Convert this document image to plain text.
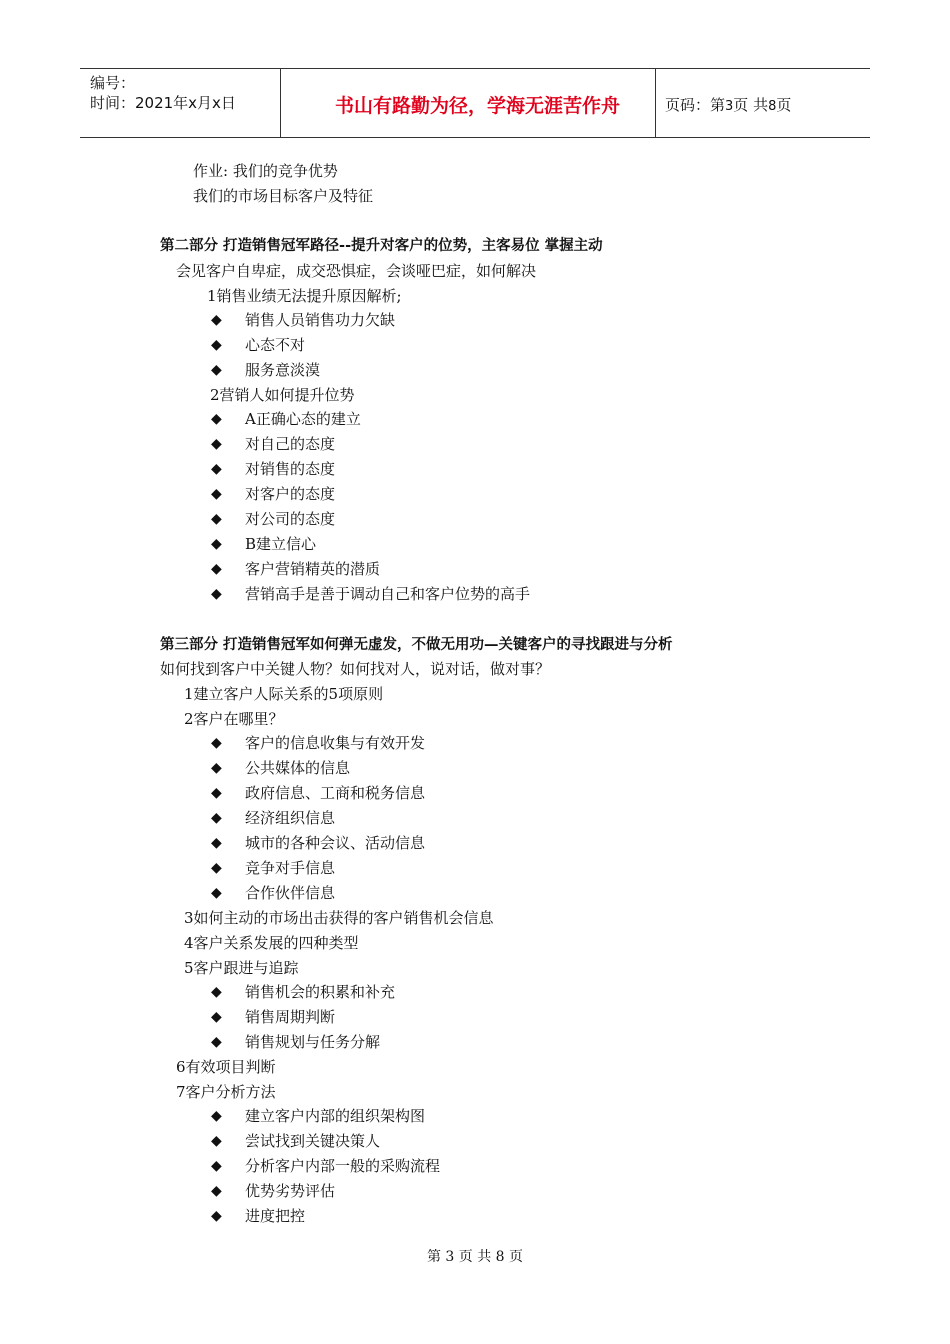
编号：
时间：2021年x月x日	书山有路勤为径，学海无涯苦作舟	页码：第3页 共8页
作业: 我们的竞争优势
我们的市场目标客户及特征
第二部分 打造销售冠军路径--提升对客户的位势，主客易位 掌握主动
会见客户自卑症，成交恐惧症，会谈哑巴症，如何解决
1销售业绩无法提升原因解析;
◆ 销售人员销售功力欠缺
◆ 心态不对
◆ 服务意淡漠
2营销人如何提升位势
◆ A正确心态的建立
◆ 对自己的态度
◆ 对销售的态度
◆ 对客户的态度
◆ 对公司的态度
◆ B建立信心
◆ 客户营销精英的潜质
◆ 营销高手是善于调动自己和客户位势的高手
第三部分 打造销售冠军如何弹无虚发，不做无用功—关键客户的寻找跟进与分析
如何找到客户中关键人物？如何找对人，说对话，做对事？
1建立客户人际关系的5项原则
2客户在哪里？
◆ 客户的信息收集与有效开发
◆ 公共媒体的信息
◆ 政府信息、工商和税务信息
◆ 经济组织信息
◆ 城市的各种会议、活动信息
◆ 竞争对手信息
◆ 合作伙伴信息
3如何主动的市场出击获得的客户销售机会信息
4客户关系发展的四种类型
5客户跟进与追踪
◆ 销售机会的积累和补充
◆ 销售周期判断
◆ 销售规划与任务分解
6有效项目判断
7客户分析方法
◆ 建立客户内部的组织架构图
◆ 尝试找到关键决策人
◆ 分析客户内部一般的采购流程
◆ 优势劣势评估
◆ 进度把控
第 3 页 共 8 页
